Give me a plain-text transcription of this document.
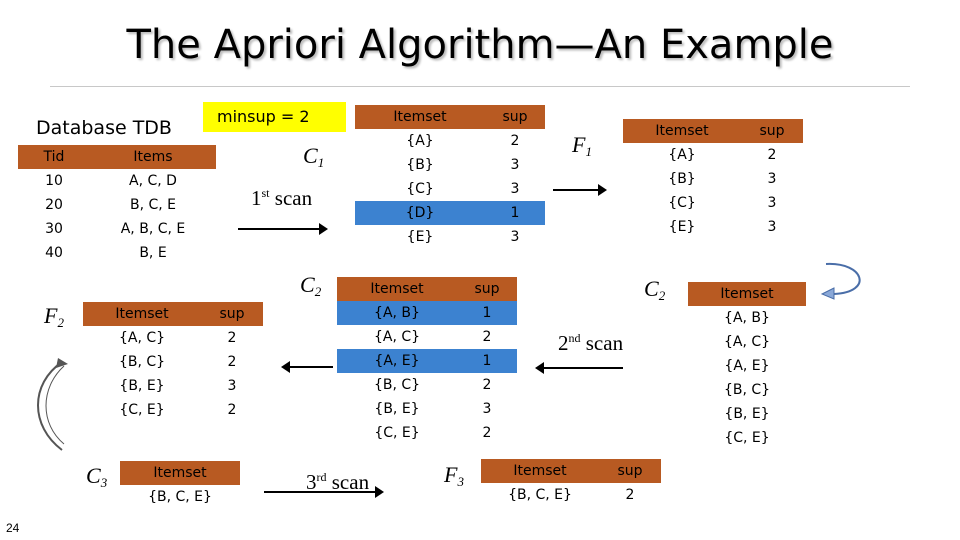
The Apriori Algorithm—An Example
Database TDB
minsup = 2
Tid	Items
10	A, C, D
20	B, C, E
30	A, B, C, E
40	B, E
$C_1$
1st scan
Itemset	sup
{A}	2
{B}	3
{C}	3
{D}	1
{E}	3
$F_1$
Itemset	sup
{A}	2
{B}	3
{C}	3
{E}	3
$C_2$	$C_2$
Itemset	sup
{A, B}	1
{A, C}	2
{A, E}	1
{B, C}	2
{B, E}	3
{C, E}	2
Itemset
{A, B}
{A, C}
{A, E}
{B, C}
{B, E}
{C, E}
2nd scan
$F_2$
Itemset	sup
{A, C}	2
{B, C}	2
{B, E}	3
{C, E}	2
$C_3$
Itemset
{B, C, E}
3rd scan	$F_3$
Itemset	sup
{B, C, E}	2
24
